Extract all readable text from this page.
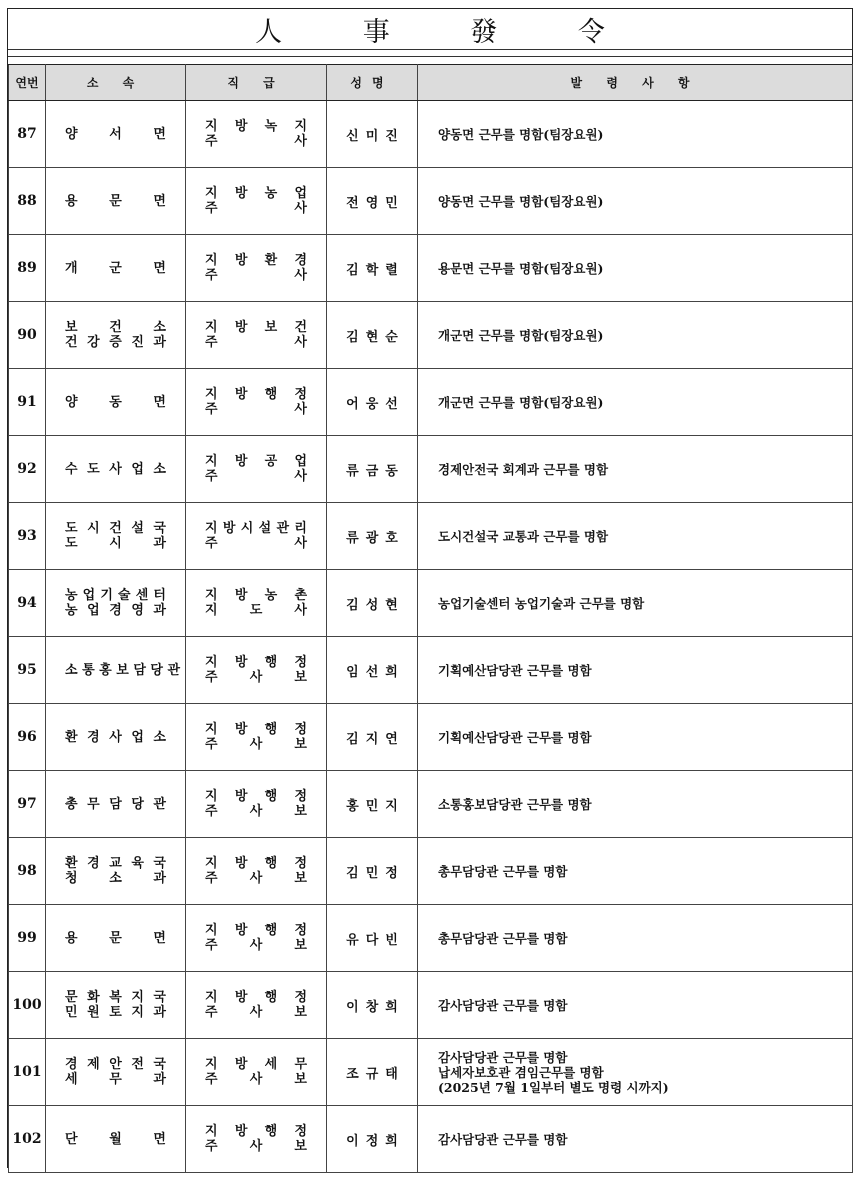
人 事 發 令
연번	소 속	직 급	성명	발 령 사 항
87	양 서 면	지 방 녹 지
주 사	신미진	양동면 근무를 명함(팀장요원)

88	용 문 면	지 방 농 업
주 사	전영민	양동면 근무를 명함(팀장요원)

89	개 군 면	지 방 환 경
주 사	김학렬	용문면 근무를 명함(팀장요원)

90	보 건 소
건 강 증 진 과	지 방 보 건
주 사	김현순	개군면 근무를 명함(팀장요원)

91	양 동 면	지 방 행 정
주 사	어웅선	개군면 근무를 명함(팀장요원)

92	수 도 사 업 소	지 방 공 업
주 사	류금동	경제안전국 회계과 근무를 명함

93	도 시 건 설 국
도 시 과	지 방 시 설 관 리
주 사	류광호	도시건설국 교통과 근무를 명함

94	농 업 기 술 센 터
농 업 경 영 과	지 방 농 촌
지 도 사	김성현	농업기술센터 농업기술과 근무를 명함

95	소 통 홍 보 담 당 관	지 방 행 정
주 사 보	임선희	기획예산담당관 근무를 명함

96	환 경 사 업 소	지 방 행 정
주 사 보	김지연	기획예산담당관 근무를 명함

97	총 무 담 당 관	지 방 행 정
주 사 보	홍민지	소통홍보담당관 근무를 명함

98	환 경 교 육 국
청 소 과	지 방 행 정
주 사 보	김민정	총무담당관 근무를 명함

99	용 문 면	지 방 행 정
주 사 보	유다빈	총무담당관 근무를 명함

100	문 화 복 지 국
민 원 토 지 과	지 방 행 정
주 사 보	이창희	감사담당관 근무를 명함

101	경 제 안 전 국
세 무 과	지 방 세 무
주 사 보	조규태	감사담당관 근무를 명함
납세자보호관 겸임근무를 명함
(2025년 7월 1일부터 별도 명령 시까지)

102	단 월 면	지 방 행 정
주 사 보	이정희	감사담당관 근무를 명함
